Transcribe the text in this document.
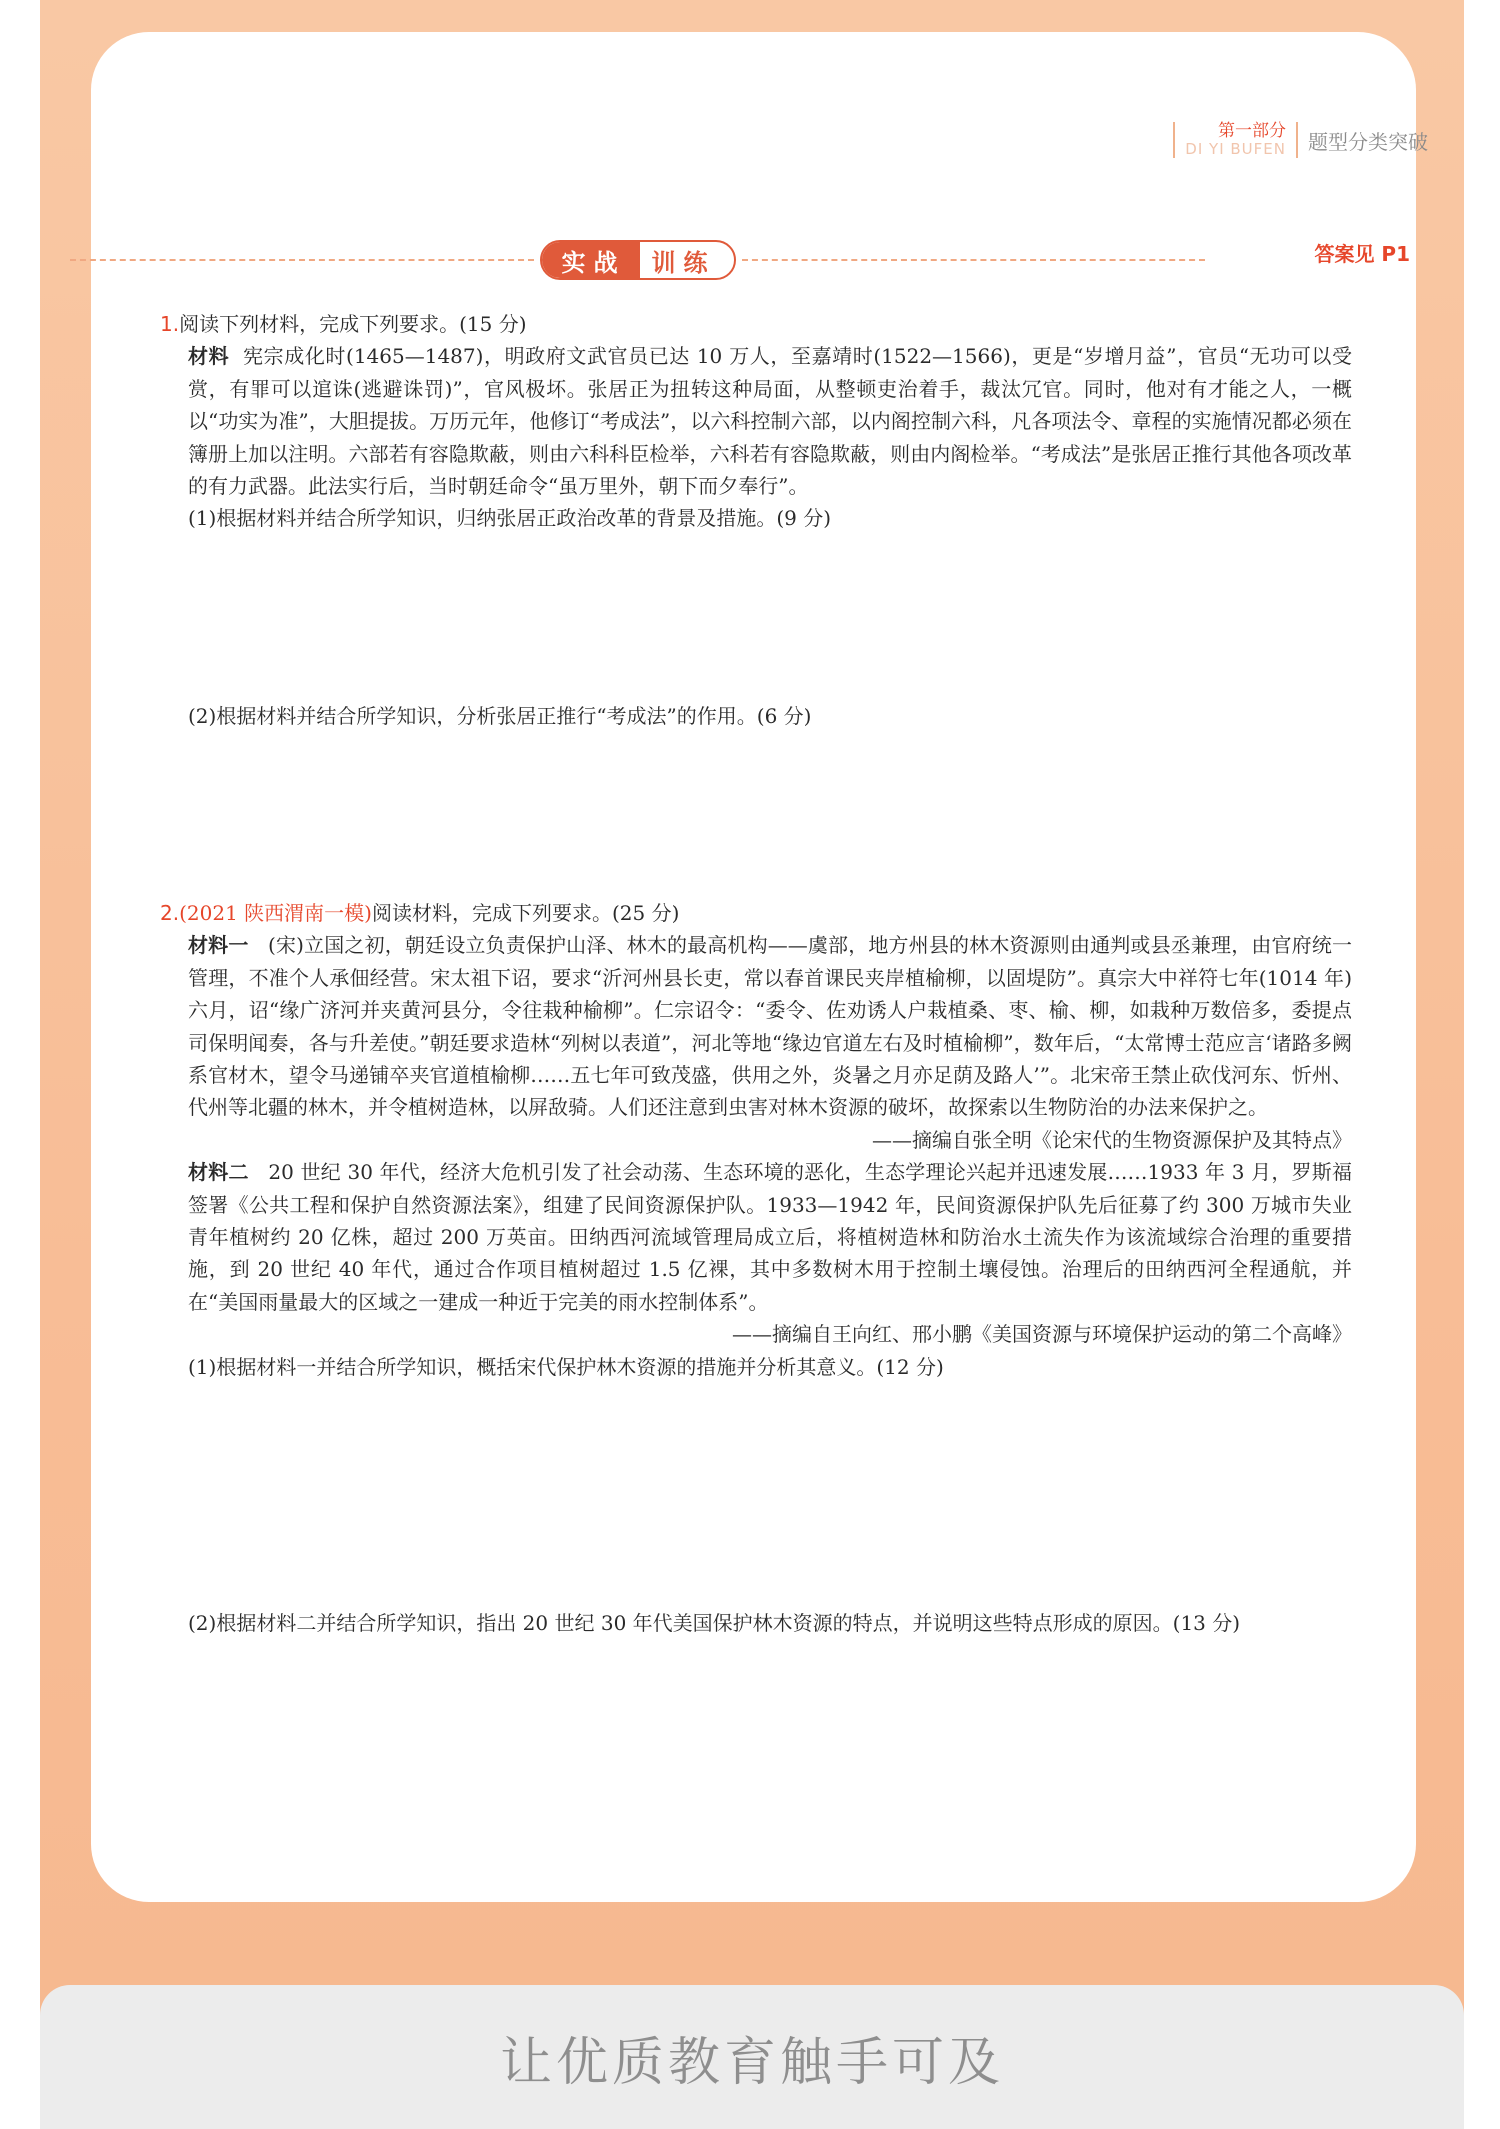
第一部分
DI YI BUFEN 题型分类突破
实战	训练	答案见 P1
1.阅读下列材料，完成下列要求。(15 分)
材料 宪宗成化时(1465—1487)，明政府文武官员已达 10 万人，至嘉靖时(1522—1566)，更是“岁增月益”，官员“无功可以受赏，有罪可以逭诛(逃避诛罚)”，官风极坏。张居正为扭转这种局面，从整顿吏治着手，裁汰冗官。同时，他对有才能之人，一概以“功实为准”，大胆提拔。万历元年，他修订“考成法”，以六科控制六部，以内阁控制六科，凡各项法令、章程的实施情况都必须在簿册上加以注明。六部若有容隐欺蔽，则由六科科臣检举，六科若有容隐欺蔽，则由内阁检举。“考成法”是张居正推行其他各项改革的有力武器。此法实行后，当时朝廷命令“虽万里外，朝下而夕奉行”。
(1)根据材料并结合所学知识，归纳张居正政治改革的背景及措施。(9 分)
(2)根据材料并结合所学知识，分析张居正推行“考成法”的作用。(6 分)
2.(2021 陕西渭南一模)阅读材料，完成下列要求。(25 分)
材料一 (宋)立国之初，朝廷设立负责保护山泽、林木的最高机构——虞部，地方州县的林木资源则由通判或县丞兼理，由官府统一管理，不准个人承佃经营。宋太祖下诏，要求“沂河州县长吏，常以春首课民夹岸植榆柳，以固堤防”。真宗大中祥符七年(1014 年)六月，诏“缘广济河并夹黄河县分，令往栽种榆柳”。仁宗诏令：“委令、佐劝诱人户栽植桑、枣、榆、柳，如栽种万数倍多，委提点司保明闻奏，各与升差使。”朝廷要求造林“列树以表道”，河北等地“缘边官道左右及时植榆柳”，数年后，“太常博士范应言‘诸路多阙系官材木，望令马递铺卒夹官道植榆柳……五七年可致茂盛，供用之外，炎暑之月亦足荫及路人’”。北宋帝王禁止砍伐河东、忻州、代州等北疆的林木，并令植树造林，以屏敌骑。人们还注意到虫害对林木资源的破坏，故探索以生物防治的办法来保护之。
——摘编自张全明《论宋代的生物资源保护及其特点》
材料二 20 世纪 30 年代，经济大危机引发了社会动荡、生态环境的恶化，生态学理论兴起并迅速发展……1933 年 3 月，罗斯福签署《公共工程和保护自然资源法案》，组建了民间资源保护队。1933—1942 年，民间资源保护队先后征募了约 300 万城市失业青年植树约 20 亿株，超过 200 万英亩。田纳西河流域管理局成立后，将植树造林和防治水土流失作为该流域综合治理的重要措施，到 20 世纪 40 年代，通过合作项目植树超过 1.5 亿裸，其中多数树木用于控制土壤侵蚀。治理后的田纳西河全程通航，并在“美国雨量最大的区域之一建成一种近于完美的雨水控制体系”。
——摘编自王向红、邢小鹏《美国资源与环境保护运动的第二个高峰》
(1)根据材料一并结合所学知识，概括宋代保护林木资源的措施并分析其意义。(12 分)
(2)根据材料二并结合所学知识，指出 20 世纪 30 年代美国保护林木资源的特点，并说明这些特点形成的原因。(13 分)
让优质教育触手可及
